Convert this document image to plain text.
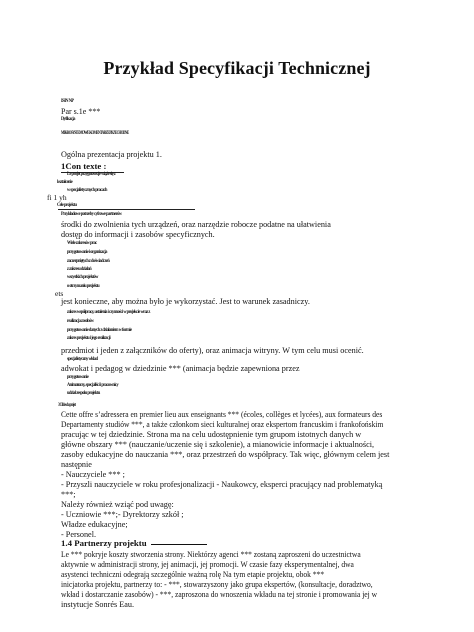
Przykład Specyfikacji Technicznej
ISIN NP
Par s.1e ***
Dyfikacja
MIKROSYSTEMOWE KOMENTARZE PRZECHODNE
Ogólna prezentacja projektu 1.
1Con texte :
Le projet przygotowuje wiąże się z
kształcenie
w specjalistycznych pracach
fi 1 yh
Cele projektu
Przykładowe potrzeby cyfrowe partnerów
środki do zwolnienia tych urządzeń, oraz narzędzie robocze podatne na ułatwienia
dostęp do informacji i zasobów specyficznych.
Wiele zakresów prac
przygotowanie i organizacja
zaczerpniętych z doświadczeń
z zakresu działań
wszystkich projektów
o otrzymaniu projektu
ets
jest konieczne, aby można było je wykorzystać. Jest to warunek zasadniczy.
zakres współpracy, ustalenia i czynności w projekcie wraz z
realizacja zasobów
przygotowanie danych z działaniem w formie
zakres projektu i jego realizacji
przedmiot i jeden z załączników do oferty), oraz animacja witryny. W tym celu musi ocenić.
specjalistyczny wkład
adwokat i pedagog w dziedzinie *** (animacja będzie zapewniona przez
przygotowanie
Animatorzy, specjaliści i pracownicy
udział zespołu projektu
3 Cibles du projet
Cette offre s’adressera en premier lieu aux enseignants *** (écoles, collèges et lycées), aux formateurs des
Departamenty studiów ***, a także członkom sieci kulturalnej oraz ekspertom francuskim i frankofońskim
pracując w tej dziedzinie. Strona ma na celu udostępnienie tym grupom istotnych danych w
główne obszary *** (nauczanie/uczenie się i szkolenie), a mianowicie informacje i aktualności,
zasoby edukacyjne do nauczania ***, oraz przestrzeń do współpracy. Tak więc, głównym celem jest
następnie
- Nauczyciele *** ;
- Przyszli nauczyciele w roku profesjonalizacji - Naukowcy, eksperci pracujący nad problematyką
***;
Należy również wziąć pod uwagę:
- Uczniowie ***;- Dyrektorzy szkół ;
Władze edukacyjne;
- Personel.
1.4 Partnerzy projektu
Le *** pokryje koszty stworzenia strony. Niektórzy agenci *** zostaną zaproszeni do uczestnictwa
aktywnie w administracji strony, jej animacji, jej promocji. W czasie fazy eksperymentalnej, dwa
asystenci techniczni odegrają szczególnie ważną rolę Na tym etapie projektu, obok ***
inicjatorka projektu, partnerzy to: - ***, stowarzyszony jako grupa ekspertów, (konsultacje, doradztwo,
wkład i dostarczanie zasobów) - ***, zaproszona do wnoszenia wkładu na tej stronie i promowania jej w
instytucje Sonrés Eau.
